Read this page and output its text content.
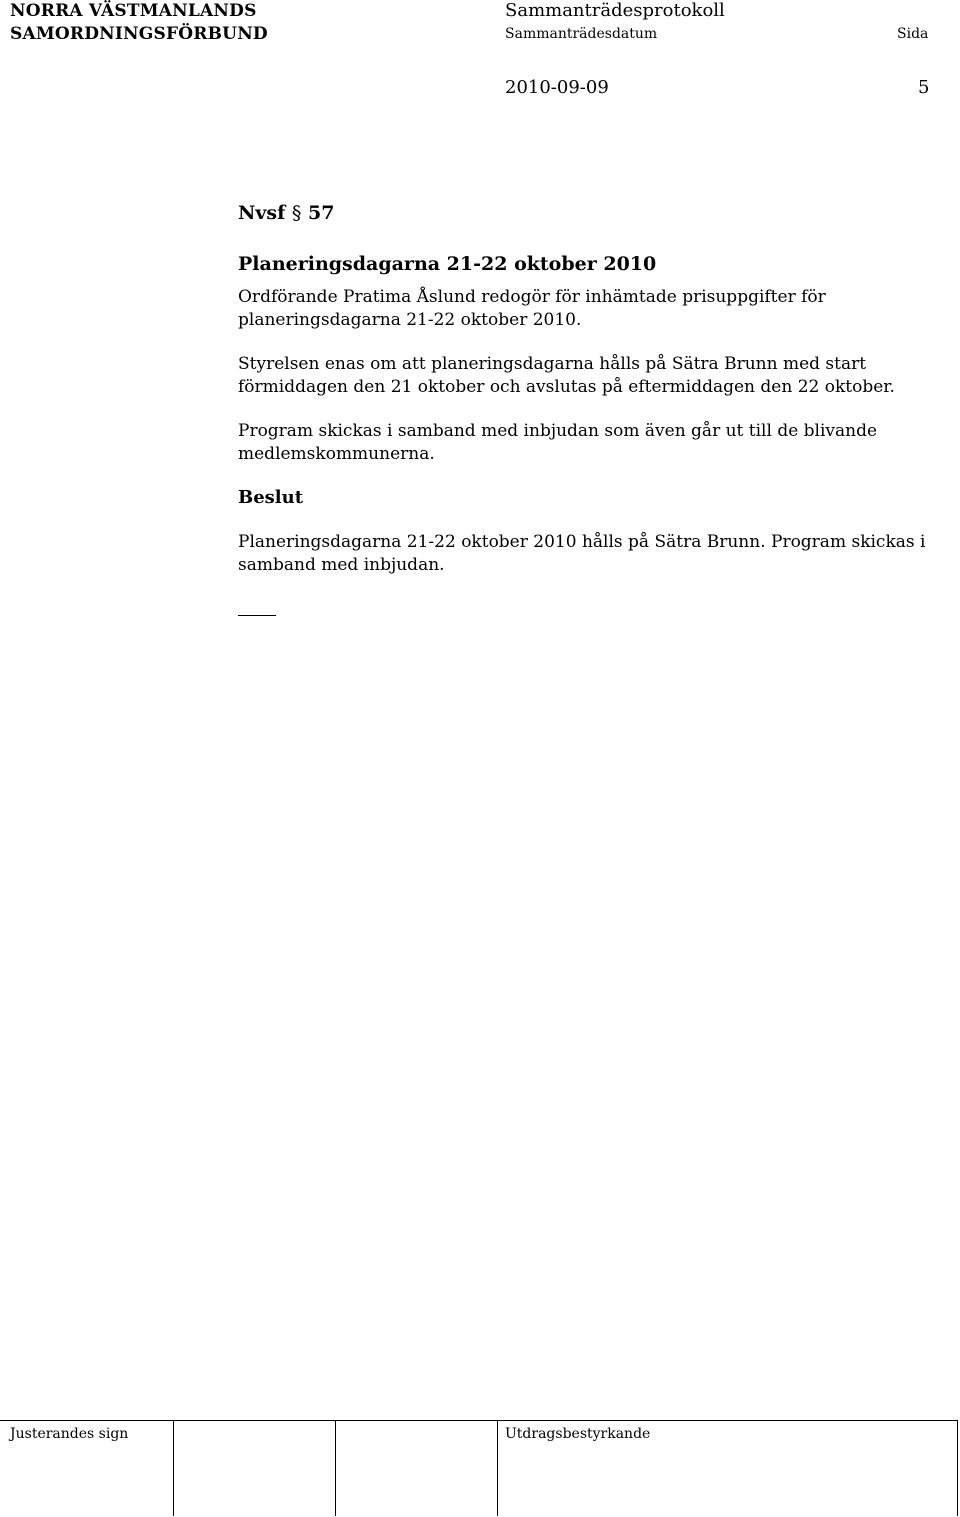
NORRA VÄSTMANLANDS
SAMORDNINGSFÖRBUND
Sammanträdesprotokoll
Sammanträdesdatum	Sida
2010-09-09	5
Nvsf § 57
Planeringsdagarna 21-22 oktober 2010

Ordförande Pratima Åslund redogör för inhämtade prisuppgifter för planeringsdagarna 21-22 oktober 2010.

Styrelsen enas om att planeringsdagarna hålls på Sätra Brunn med start förmiddagen den 21 oktober och avslutas på eftermiddagen den 22 oktober.

Program skickas i samband med inbjudan som även går ut till de blivande medlemskommunerna.

Beslut

Planeringsdagarna 21-22 oktober 2010 hålls på Sätra Brunn. Program skickas i samband med inbjudan.

Justerandes sign	Utdragsbestyrkande
